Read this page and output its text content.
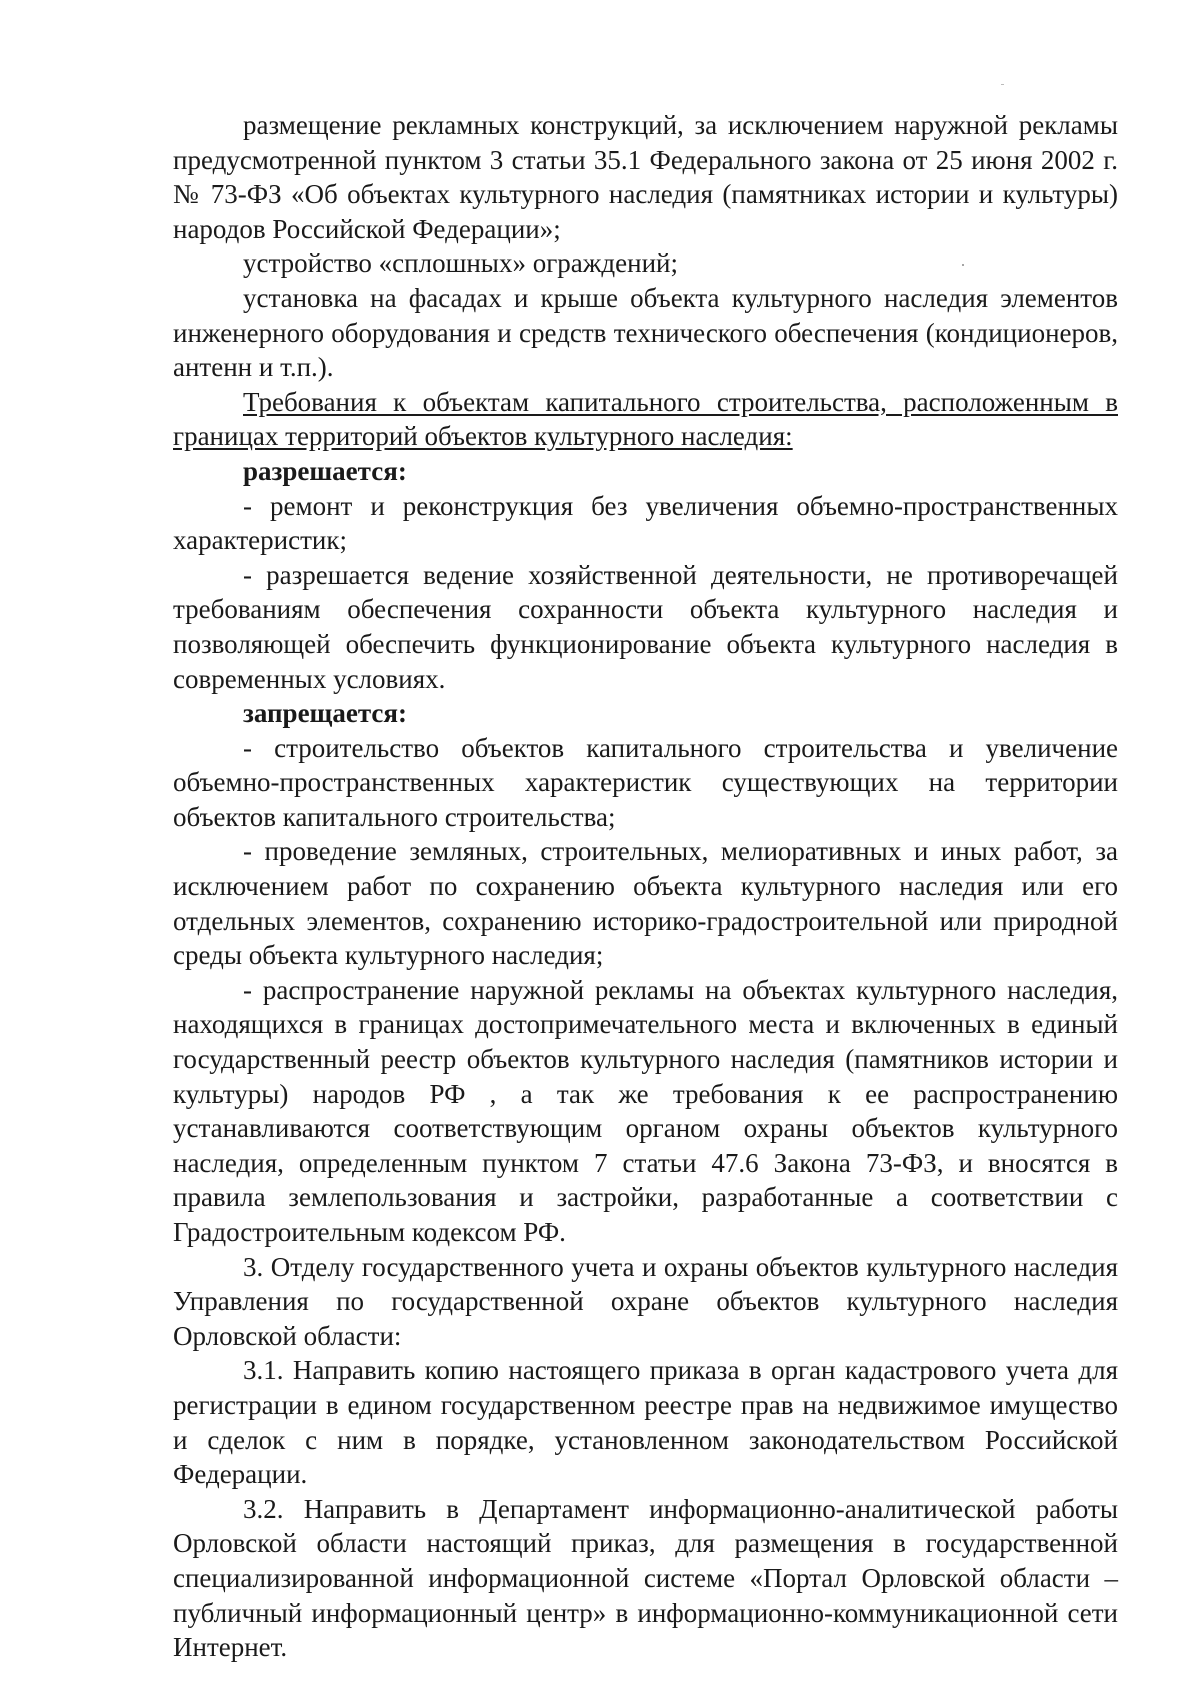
размещение рекламных конструкций, за исключением наружной рекламы предусмотренной пунктом 3 статьи 35.1 Федерального закона от 25 июня 2002 г. № 73-ФЗ «Об объектах культурного наследия (памятниках истории и культуры) народов Российской Федерации»;

устройство «сплошных» ограждений;

установка на фасадах и крыше объекта культурного наследия элементов инженерного оборудования и средств технического обеспечения (кондиционеров, антенн и т.п.).

Требования к объектам капитального строительства, расположенным в границах территорий объектов культурного наследия:

разрешается:

- ремонт и реконструкция без увеличения объемно-пространственных характеристик;

- разрешается ведение хозяйственной деятельности, не противоречащей требованиям обеспечения сохранности объекта культурного наследия и позволяющей обеспечить функционирование объекта культурного наследия в современных условиях.

запрещается:

- строительство объектов капитального строительства и увеличение объемно-пространственных характеристик существующих на территории объектов капитального строительства;

- проведение земляных, строительных, мелиоративных и иных работ, за исключением работ по сохранению объекта культурного наследия или его отдельных элементов, сохранению историко-градостроительной или природной среды объекта культурного наследия;

- распространение наружной рекламы на объектах культурного наследия, находящихся в границах достопримечательного места и включенных в единый государственный реестр объектов культурного наследия (памятников истории и культуры) народов РФ , а так же требования к ее распространению устанавливаются соответствующим органом охраны объектов культурного наследия, определенным пунктом 7 статьи 47.6 Закона 73-ФЗ, и вносятся в правила землепользования и застройки, разработанные а соответствии с Градостроительным кодексом РФ.

3. Отделу государственного учета и охраны объектов культурного наследия Управления по государственной охране объектов культурного наследия Орловской области:

3.1. Направить копию настоящего приказа в орган кадастрового учета для регистрации в едином государственном реестре прав на недвижимое имущество и сделок с ним в порядке, установленном законодательством Российской Федерации.

3.2. Направить в Департамент информационно-аналитической работы Орловской области настоящий приказ, для размещения в государственной специализированной информационной системе «Портал Орловской области – публичный информационный центр» в информационно-коммуникационной сети Интернет.
